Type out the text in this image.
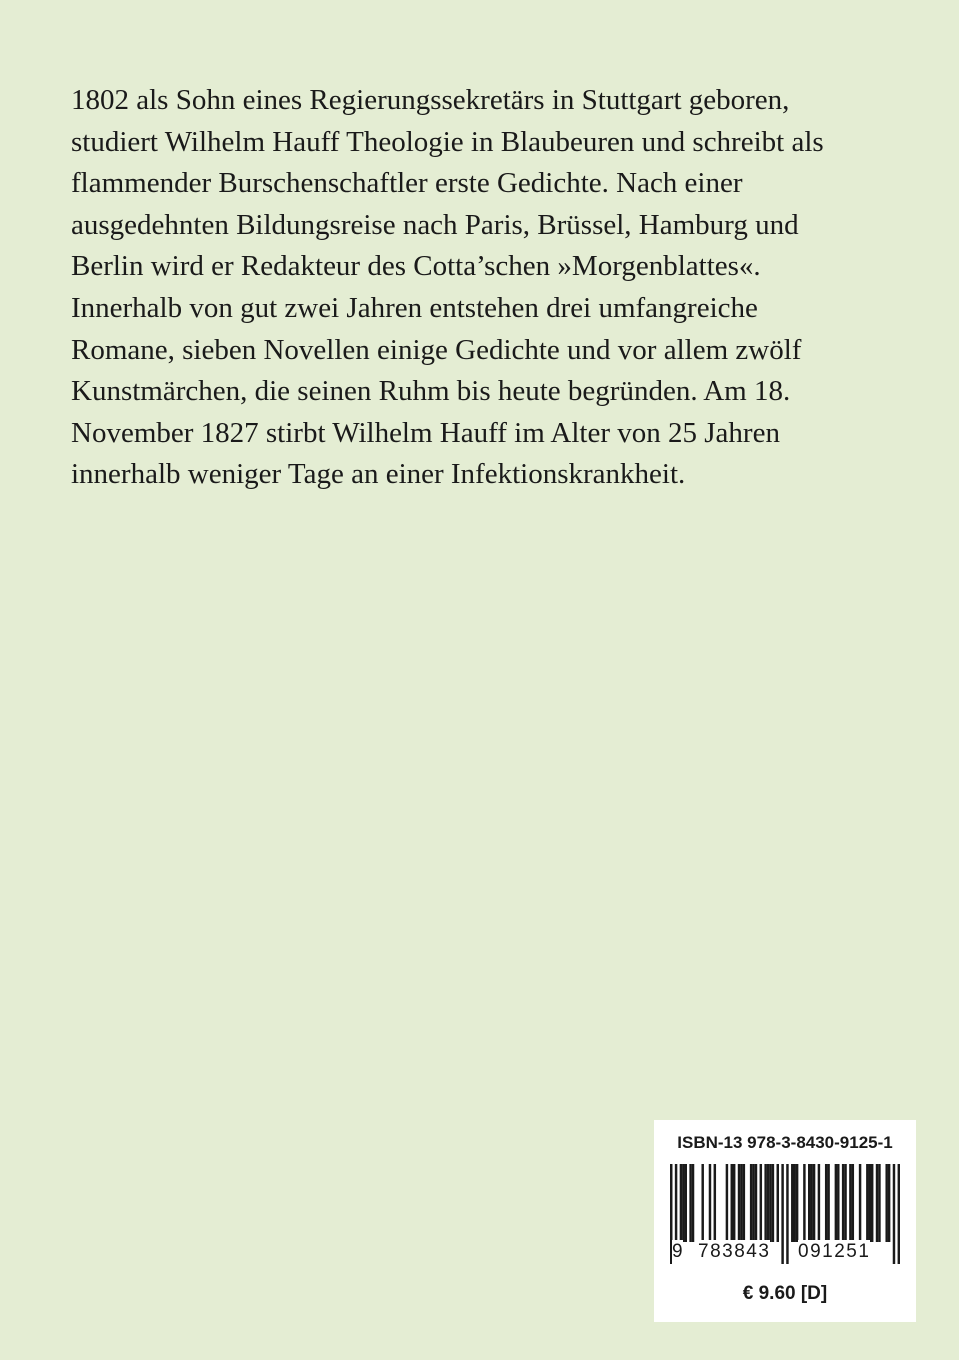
1802 als Sohn eines Regierungssekretärs in Stuttgart geboren,
studiert Wilhelm Hauff Theologie in Blaubeuren und schreibt als
flammender Burschenschaftler erste Gedichte. Nach einer
ausgedehnten Bildungsreise nach Paris, Brüssel, Hamburg und
Berlin wird er Redakteur des Cotta’schen »Morgenblattes«.
Innerhalb von gut zwei Jahren entstehen drei umfangreiche
Romane, sieben Novellen einige Gedichte und vor allem zwölf
Kunstmärchen, die seinen Ruhm bis heute begründen. Am 18.
November 1827 stirbt Wilhelm Hauff im Alter von 25 Jahren
innerhalb weniger Tage an einer Infektionskrankheit.
ISBN-13 978-3-8430-9125-1
9 783843 091251
€ 9.60 [D]
